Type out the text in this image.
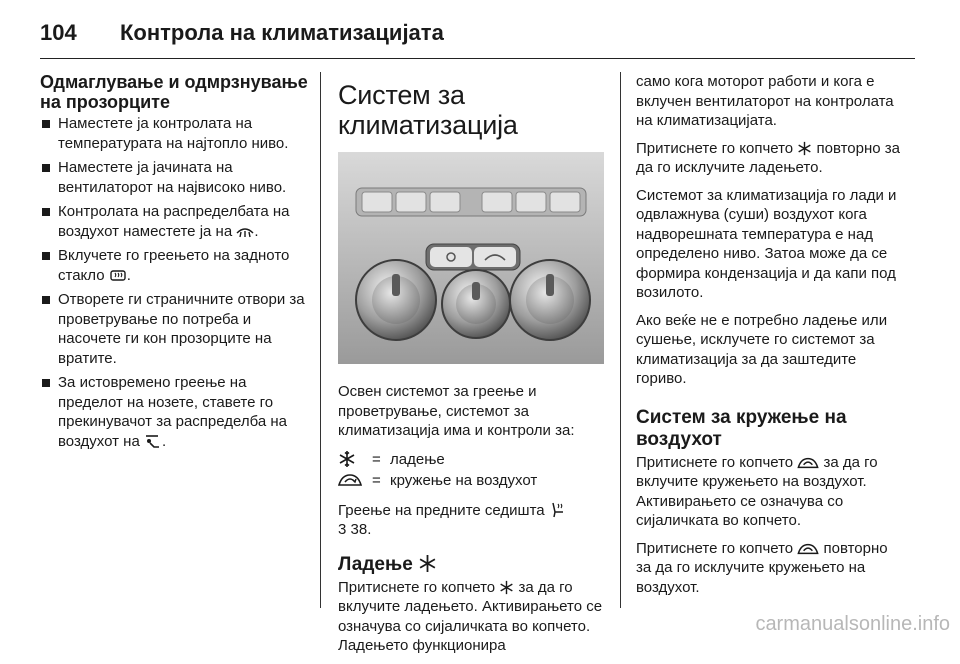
104 Контрола на климатизацијата
Одмаглување и одмрзнување на прозорците
Наместете ја контролата на температурата на најтопло ниво.
Наместете ја јачината на вентилаторот на највисоко ниво.
Контролата на распределбата на воздухот наместете ја на .
Вклучете го греењето на задното стакло .
Отворете ги страничните отвори за проветрување по потреба и насочете ги кон прозорците на вратите.
За истовремено греење на пределот на нозете, ставете го прекинувачот за распределба на воздухот на .
Систем за климатизација

Освен системот за греење и проветрување, системот за климатизација има и контроли за:

= ладење
= кружење на воздухот

Греење на предните седишта
3 38.

Ладење

Притиснете го копчето за да го вклучите ладењето. Активирањето се означува со сијаличката во копчето. Ладењето функционира

само кога моторот работи и кога е вклучен вентилаторот на контролата на климатизацијата.

Притиснете го копчето повторно за да го исклучите ладењето.

Системот за климатизација го лади и одвлажнува (суши) воздухот кога надворешната температура е над определено ниво. Затоа може да се формира кондензација и да капи под возилото.

Ако веќе не е потребно ладење или сушење, исклучете го системот за климатизација за да заштедите гориво.

Систем за кружење на воздухот

Притиснете го копчето за да го вклучите кружењето на воздухот. Активирањето се означува со сијаличката во копчето.

Притиснете го копчето повторно за да го исклучите кружењето на воздухот.

carmanualsonline.info
